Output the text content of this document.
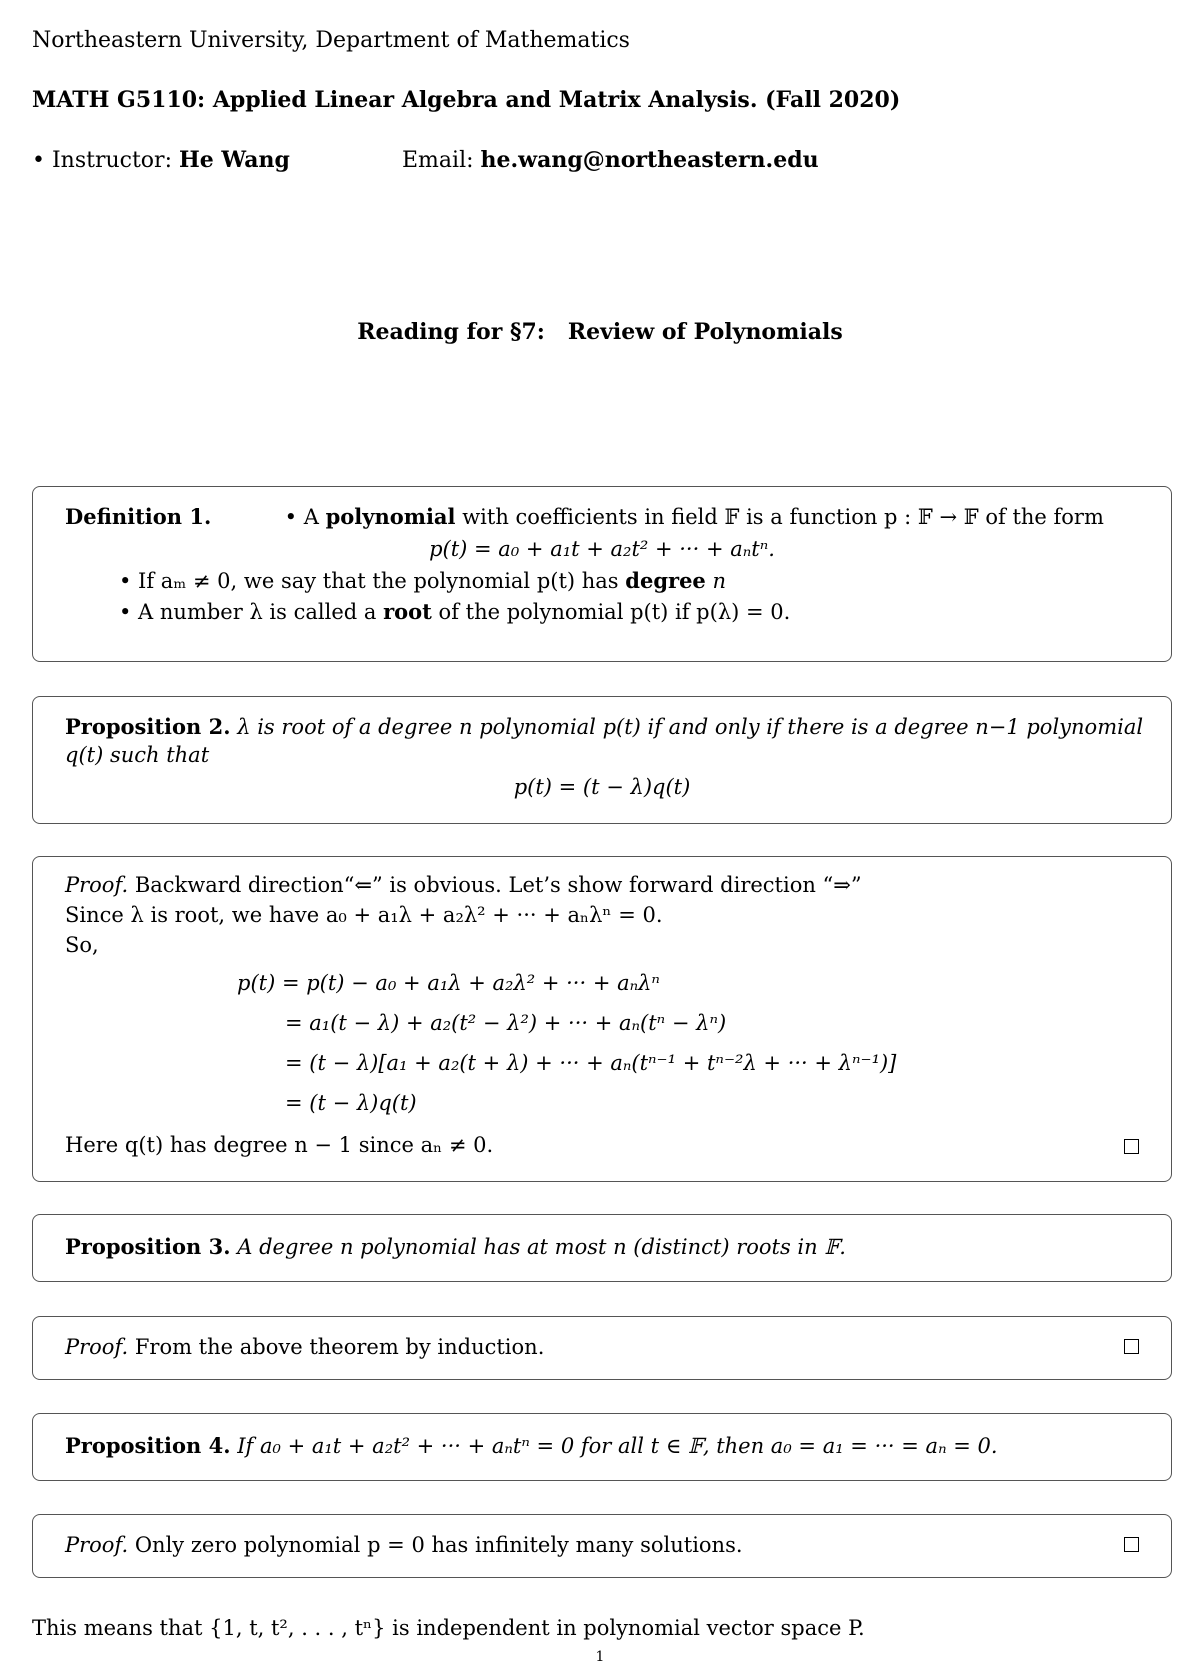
Northeastern University, Department of Mathematics
MATH G5110: Applied Linear Algebra and Matrix Analysis. (Fall 2020)
• Instructor: He Wang	Email: he.wang@northeastern.edu
Reading for §7:   Review of Polynomials
Definition 1.	• A polynomial with coefficients in field 𝔽 is a function p : 𝔽 → 𝔽 of the form
p(t) = a₀ + a₁t + a₂t² + ··· + aₙtⁿ.
• If aₘ ≠ 0, we say that the polynomial p(t) has degree n
• A number λ is called a root of the polynomial p(t) if p(λ) = 0.
Proposition 2. λ is root of a degree n polynomial p(t) if and only if there is a degree n−1 polynomial
q(t) such that
p(t) = (t − λ)q(t)
Proof. Backward direction“⇐” is obvious. Let’s show forward direction “⇒”
Since λ is root, we have a₀ + a₁λ + a₂λ² + ··· + aₙλⁿ = 0.
So,
p(t) = p(t) − a₀ + a₁λ + a₂λ² + ··· + aₙλⁿ
= a₁(t − λ) + a₂(t² − λ²) + ··· + aₙ(tⁿ − λⁿ)
= (t − λ)[a₁ + a₂(t + λ) + ··· + aₙ(tⁿ⁻¹ + tⁿ⁻²λ + ··· + λⁿ⁻¹)]
= (t − λ)q(t)
Here q(t) has degree n − 1 since aₙ ≠ 0.
Proposition 3. A degree n polynomial has at most n (distinct) roots in 𝔽.
Proof. From the above theorem by induction.
Proposition 4. If a₀ + a₁t + a₂t² + ··· + aₙtⁿ = 0 for all t ∈ 𝔽, then a₀ = a₁ = ··· = aₙ = 0.
Proof. Only zero polynomial p = 0 has infinitely many solutions.
This means that {1, t, t², . . . , tⁿ} is independent in polynomial vector space P.
1
